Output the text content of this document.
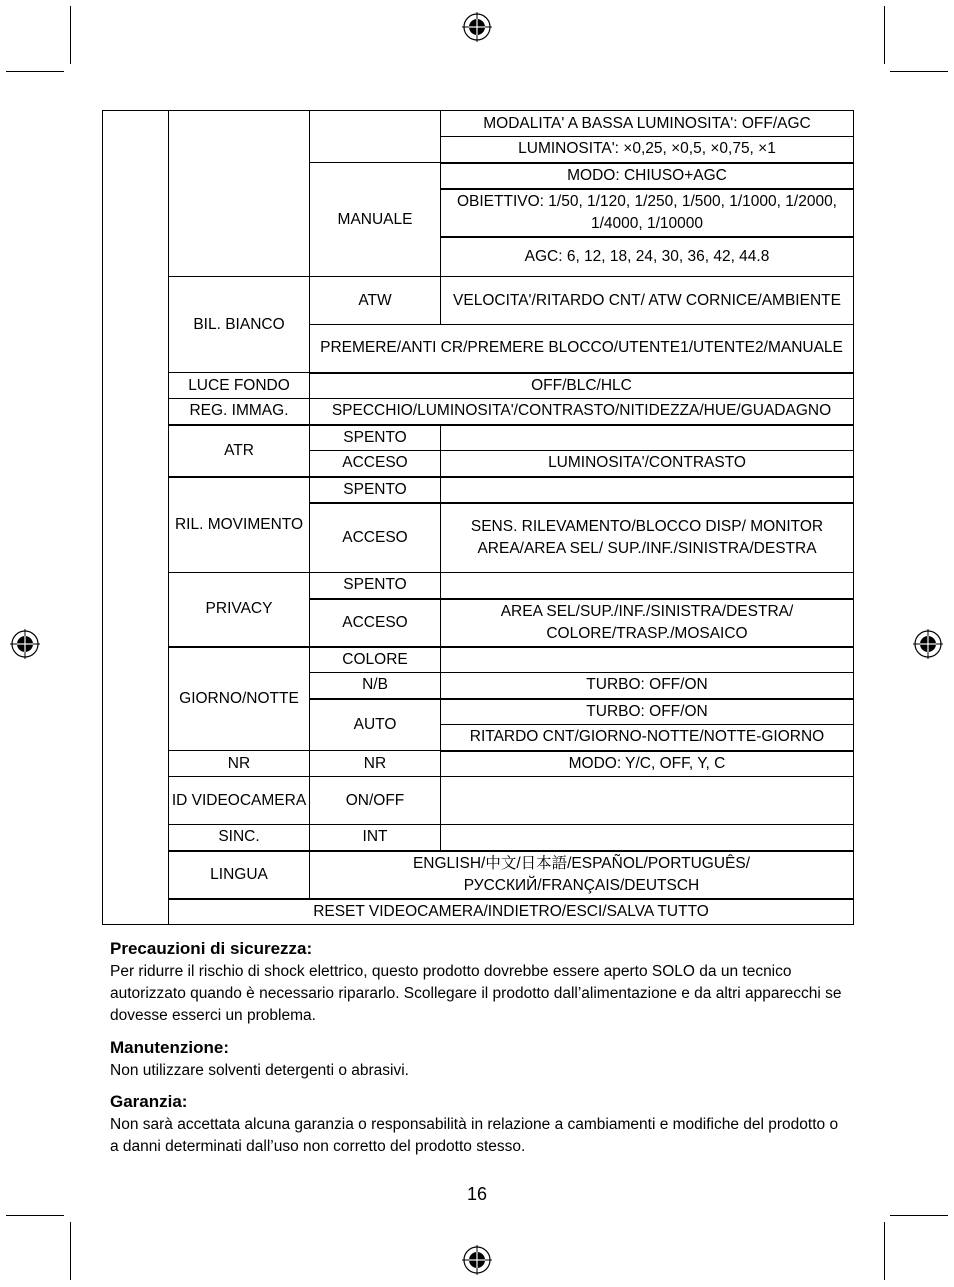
			MODALITA' A BASSA LUMINOSITA': OFF/AGC
			LUMINOSITA': ×0,25, ×0,5, ×0,75, ×1
		MANUALE	MODO: CHIUSO+AGC
			OBIETTIVO: 1/50, 1/120, 1/250, 1/500, 1/1000, 1/2000, 1/4000, 1/10000
			AGC: 6, 12, 18, 24, 30, 36, 42, 44.8
	BIL. BIANCO	ATW	VELOCITA'/RITARDO CNT/ ATW CORNICE/AMBIENTE
		PREMERE/ANTI CR/PREMERE BLOCCO/UTENTE1/UTENTE2/MANUALE	
	LUCE FONDO	OFF/BLC/HLC	
	REG. IMMAG.	SPECCHIO/LUMINOSITA'/CONTRASTO/NITIDEZZA/HUE/GUADAGNO	
	ATR	SPENTO	
		ACCESO	LUMINOSITA'/CONTRASTO
	RIL. MOVIMENTO	SPENTO	
		ACCESO	SENS. RILEVAMENTO/BLOCCO DISP/ MONITOR AREA/AREA SEL/ SUP./INF./SINISTRA/DESTRA
	PRIVACY	SPENTO	
		ACCESO	AREA SEL/SUP./INF./SINISTRA/DESTRA/ COLORE/TRASP./MOSAICO
	GIORNO/NOTTE	COLORE	
		N/B	TURBO: OFF/ON
		AUTO	TURBO: OFF/ON
			RITARDO CNT/GIORNO-NOTTE/NOTTE-GIORNO
	NR	NR	MODO: Y/C, OFF, Y, C
	ID VIDEOCAMERA	ON/OFF	
	SINC.	INT	
	LINGUA	ENGLISH/中文/日本語/ESPAÑOL/PORTUGUÊS/ РУССКИЙ/FRANÇAIS/DEUTSCH	
	RESET VIDEOCAMERA/INDIETRO/ESCI/SALVA TUTTO		
Precauzioni di sicurezza:

Per ridurre il rischio di shock elettrico, questo prodotto dovrebbe essere aperto SOLO da un tecnico autorizzato quando è necessario ripararlo. Scollegare il prodotto dall’alimentazione e da altri apparecchi se dovesse esserci un problema.

Manutenzione:

Non utilizzare solventi detergenti o abrasivi.

Garanzia:

Non sarà accettata alcuna garanzia o responsabilità in relazione a cambiamenti e modifiche del prodotto o a danni determinati dall’uso non corretto del prodotto stesso.

16
